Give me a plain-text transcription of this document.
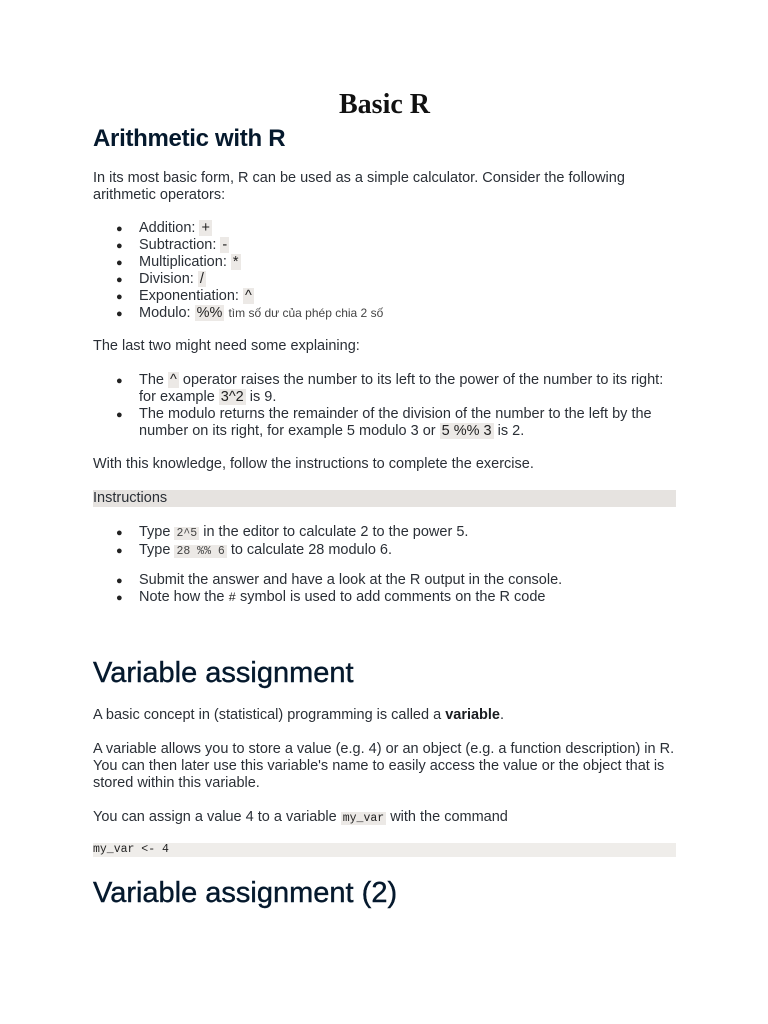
Basic R
Arithmetic with R
In its most basic form, R can be used as a simple calculator. Consider the following arithmetic operators:
● Addition: +
● Subtraction: -
● Multiplication: *
● Division: /
● Exponentiation: ^
● Modulo: %% tìm số dư của phép chia 2 số
The last two might need some explaining:
● The ^ operator raises the number to its left to the power of the number to its right: for example 3^2 is 9.
● The modulo returns the remainder of the division of the number to the left by the number on its right, for example 5 modulo 3 or 5 %% 3 is 2.
With this knowledge, follow the instructions to complete the exercise.
Instructions
● Type 2^5 in the editor to calculate 2 to the power 5.
● Type 28 %% 6 to calculate 28 modulo 6.
● Submit the answer and have a look at the R output in the console.
● Note how the # symbol is used to add comments on the R code
Variable assignment
A basic concept in (statistical) programming is called a variable.
A variable allows you to store a value (e.g. 4) or an object (e.g. a function description) in R. You can then later use this variable's name to easily access the value or the object that is stored within this variable.
You can assign a value 4 to a variable my_var with the command
my_var <- 4
Variable assignment (2)
